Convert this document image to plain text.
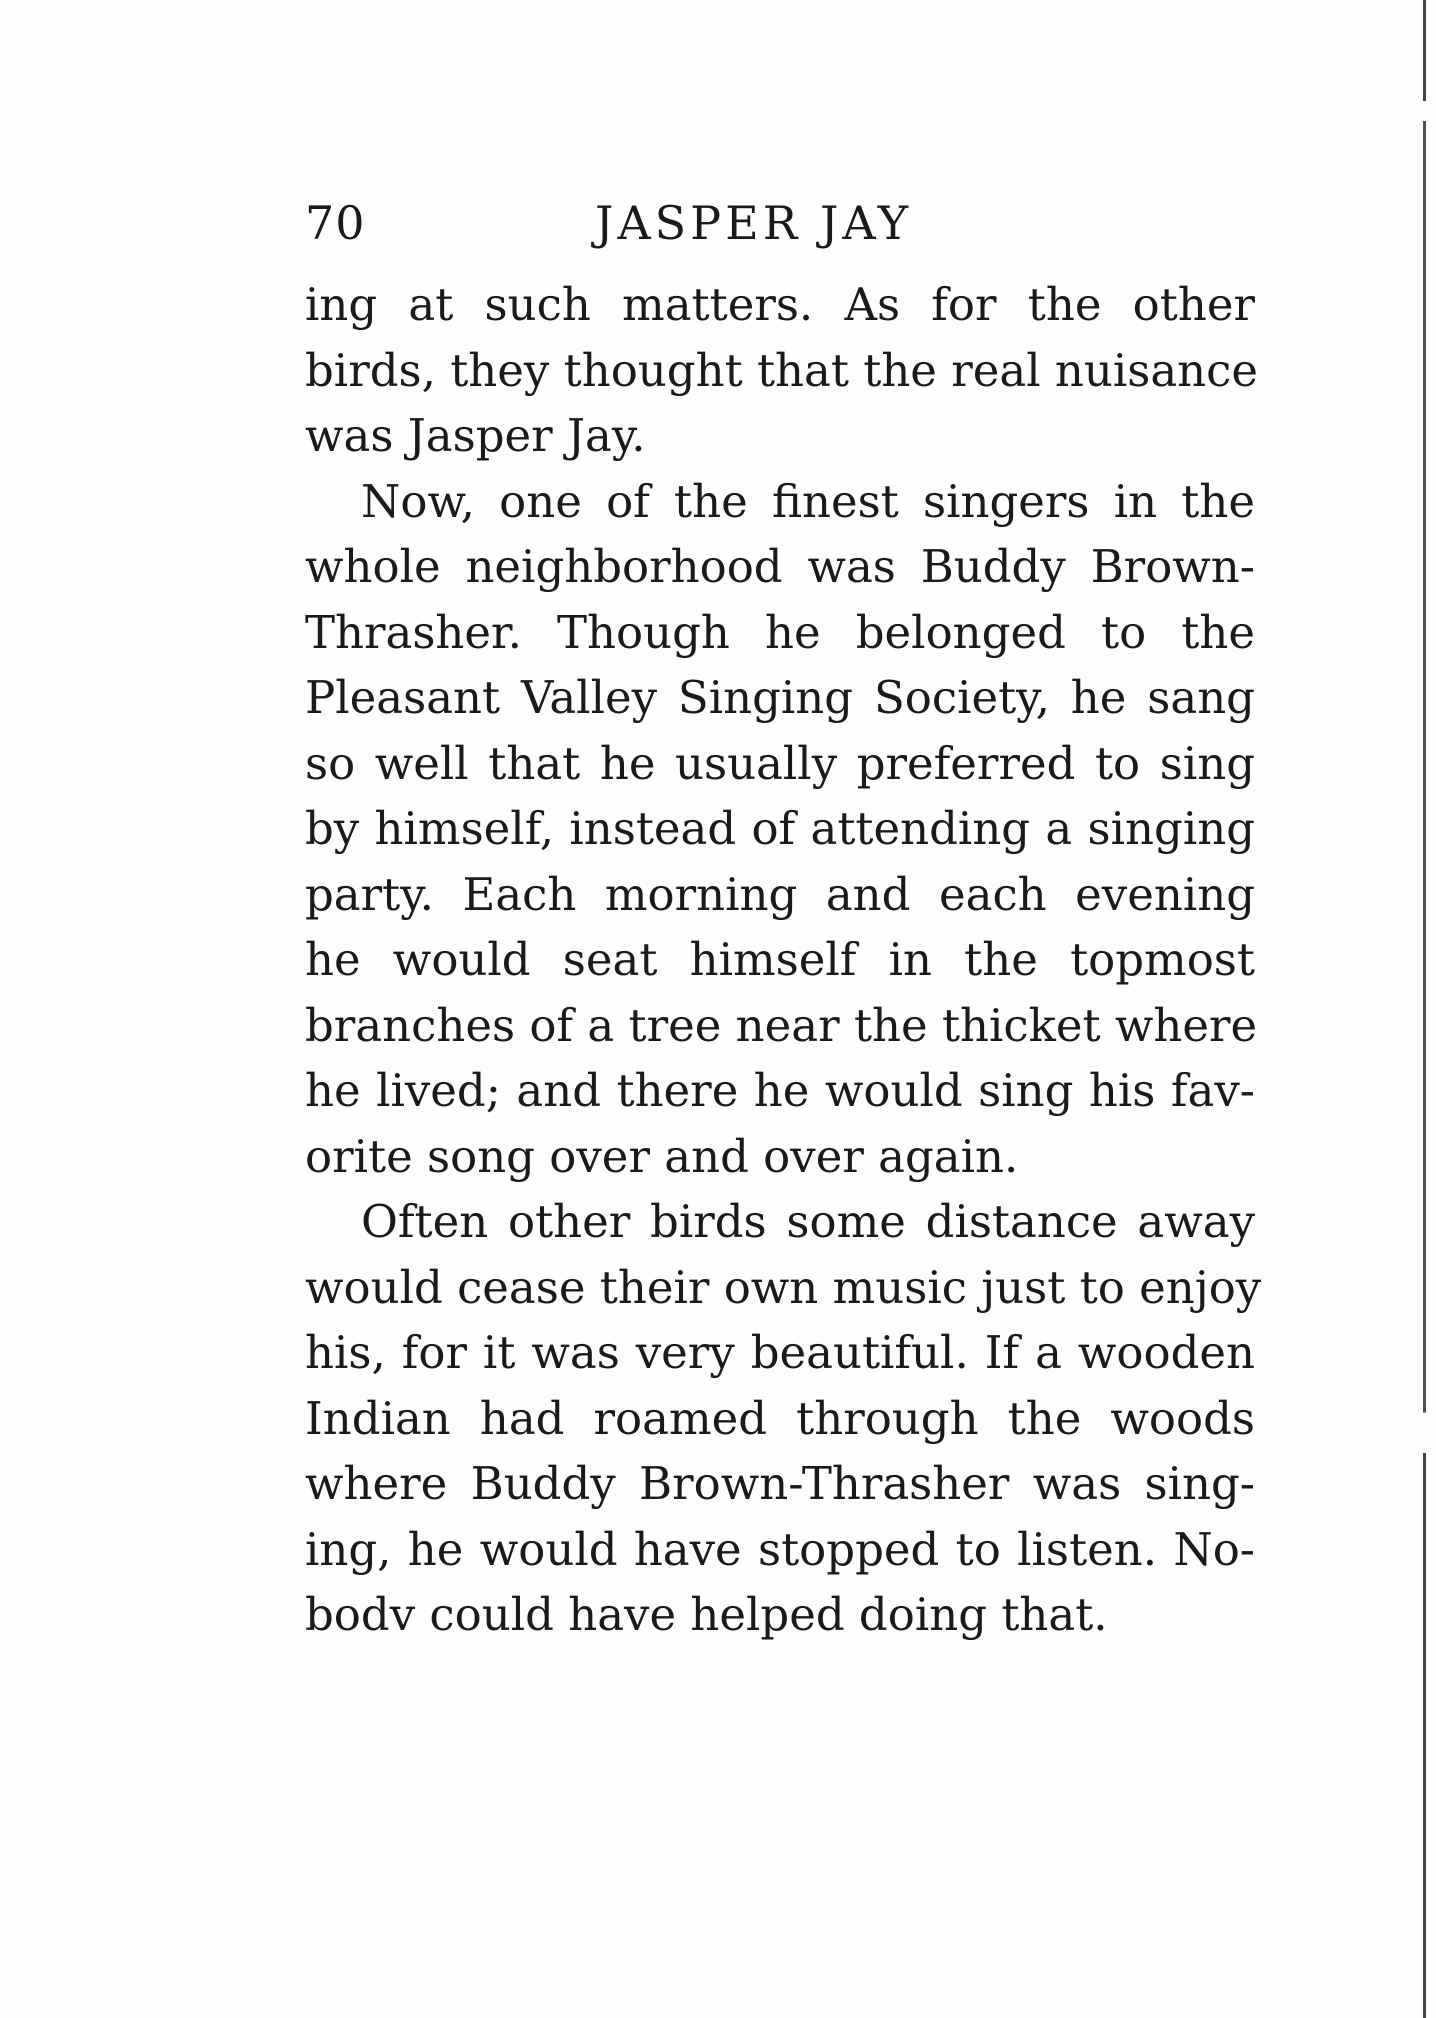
70	JASPER JAY

ing at such matters. As for the other
birds, they thought that the real nuisance
was Jasper Jay.

Now, one of the finest singers in the
whole neighborhood was Buddy Brown-
Thrasher. Though he belonged to the
Pleasant Valley Singing Society, he sang
so well that he usually preferred to sing
by himself, instead of attending a singing
party. Each morning and each evening
he would seat himself in the topmost
branches of a tree near the thicket where
he lived; and there he would sing his fav-
orite song over and over again.

Often other birds some distance away
would cease their own music just to enjoy
his, for it was very beautiful. If a wooden
Indian had roamed through the woods
where Buddy Brown-Thrasher was sing-
ing, he would have stopped to listen. No-
bodv could have helped doing that.
